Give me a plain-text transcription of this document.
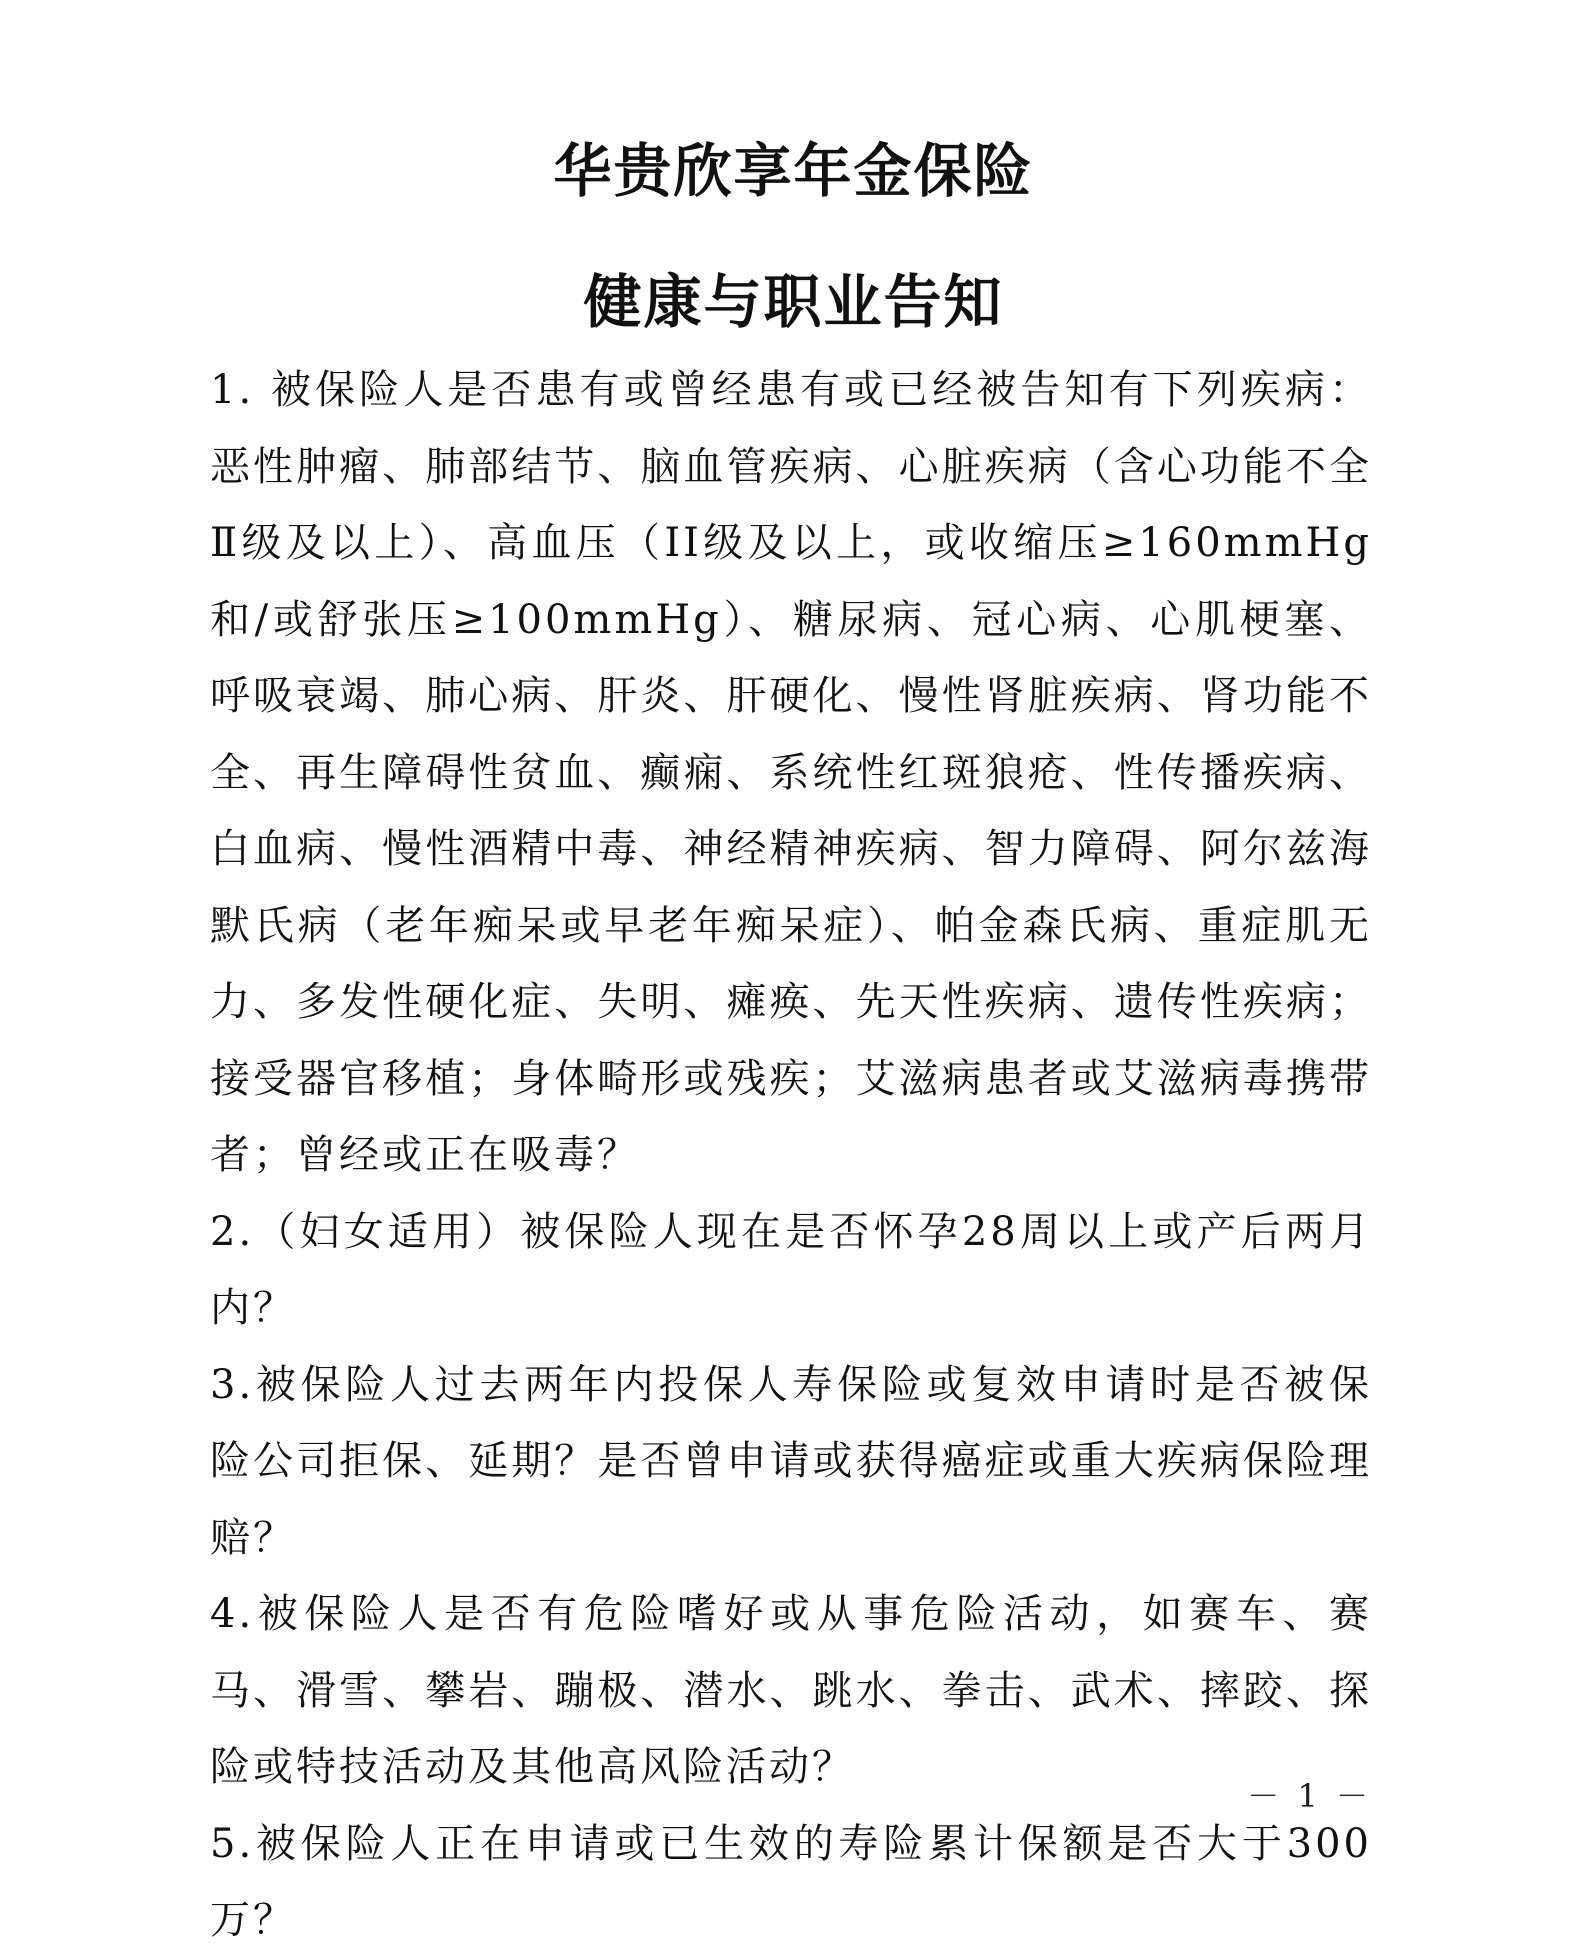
华贵欣享年金保险
健康与职业告知

1. 被保险人是否患有或曾经患有或已经被告知有下列疾病：恶性肿瘤、肺部结节、脑血管疾病、心脏疾病（含心功能不全Ⅱ级及以上）、高血压（II级及以上，或收缩压≥160mmHg和/或舒张压≥100mmHg）、糖尿病、冠心病、心肌梗塞、呼吸衰竭、肺心病、肝炎、肝硬化、慢性肾脏疾病、肾功能不全、再生障碍性贫血、癫痫、系统性红斑狼疮、性传播疾病、白血病、慢性酒精中毒、神经精神疾病、智力障碍、阿尔兹海默氏病（老年痴呆或早老年痴呆症）、帕金森氏病、重症肌无力、多发性硬化症、失明、瘫痪、先天性疾病、遗传性疾病；接受器官移植；身体畸形或残疾；艾滋病患者或艾滋病毒携带者；曾经或正在吸毒？

2.（妇女适用）被保险人现在是否怀孕28周以上或产后两月内？

3.被保险人过去两年内投保人寿保险或复效申请时是否被保险公司拒保、延期？是否曾申请或获得癌症或重大疾病保险理赔？

4.被保险人是否有危险嗜好或从事危险活动，如赛车、赛马、滑雪、攀岩、蹦极、潜水、跳水、拳击、武术、摔跤、探险或特技活动及其他高风险活动？

5.被保险人正在申请或已生效的寿险累计保额是否大于300万？

－ 1 －
